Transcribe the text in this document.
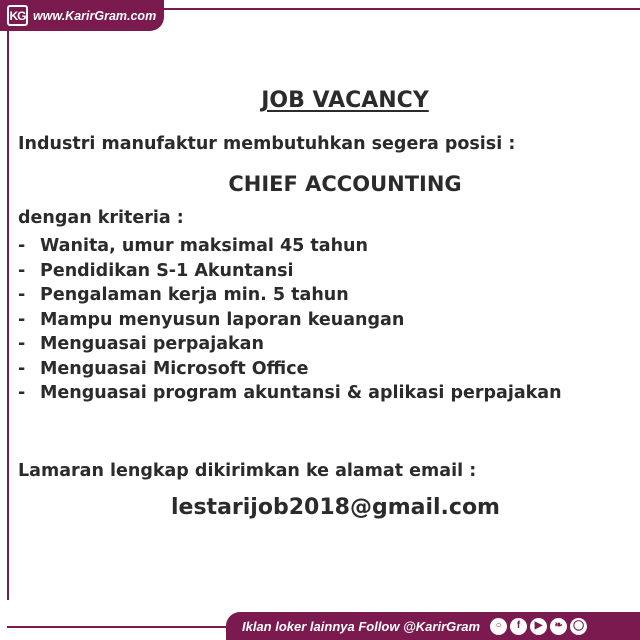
KG www.KarirGram.com
JOB VACANCY
Industri manufaktur membutuhkan segera posisi :
CHIEF ACCOUNTING
dengan kriteria :
- Wanita, umur maksimal 45 tahun
- Pendidikan S-1 Akuntansi
- Pengalaman kerja min. 5 tahun
- Mampu menyusun laporan keuangan
- Menguasai perpajakan
- Menguasai Microsoft Office
- Menguasai program akuntansi & aplikasi perpajakan
Lamaran lengkap dikirimkan ke alamat email :
lestarijob2018@gmail.com
Iklan loker lainnya Follow @KarirGram	○	f	▶	❧	◯
